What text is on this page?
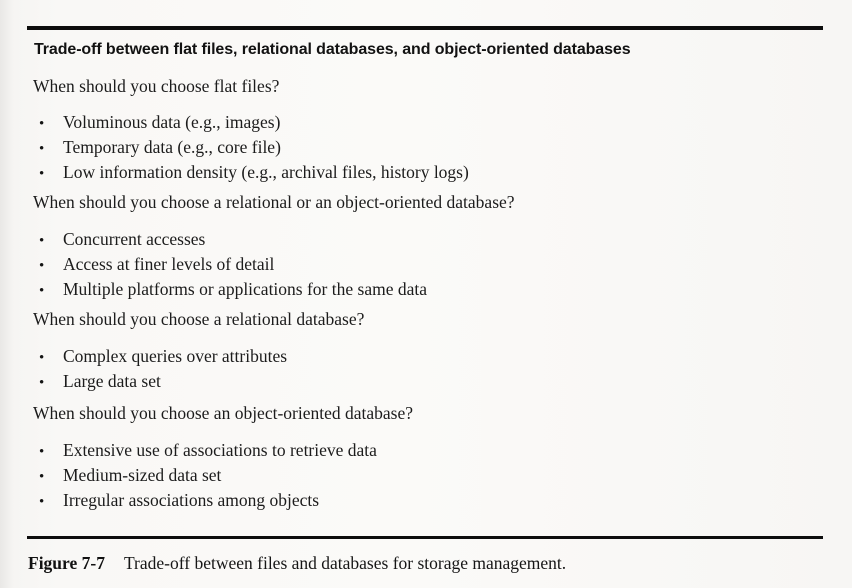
Trade-off between flat files, relational databases, and object-oriented databases
When should you choose flat files?
•	Voluminous data (e.g., images)
•	Temporary data (e.g., core file)
•	Low information density (e.g., archival files, history logs)
When should you choose a relational or an object-oriented database?
•	Concurrent accesses
•	Access at finer levels of detail
•	Multiple platforms or applications for the same data
When should you choose a relational database?
•	Complex queries over attributes
•	Large data set
When should you choose an object-oriented database?
•	Extensive use of associations to retrieve data
•	Medium-sized data set
•	Irregular associations among objects
Figure 7-7 Trade-off between files and databases for storage management.
